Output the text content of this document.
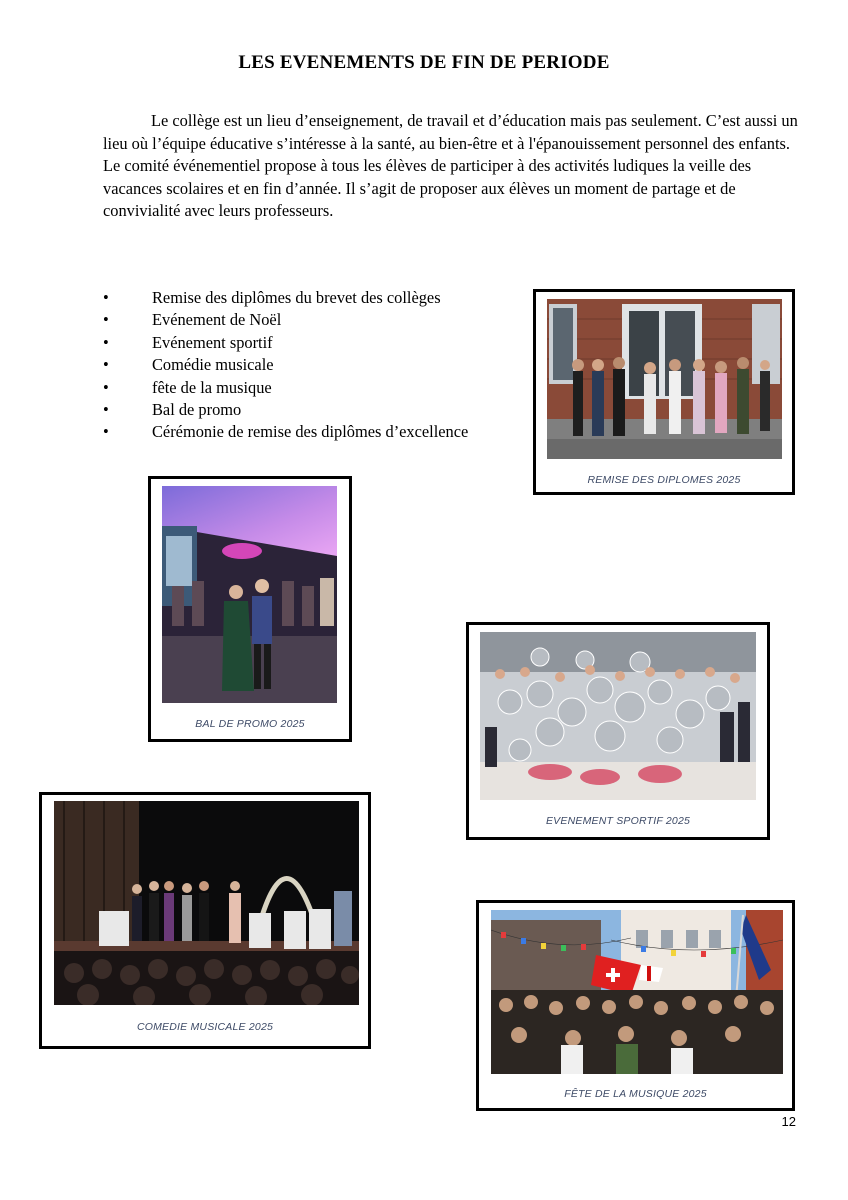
LES EVENEMENTS DE FIN DE PERIODE

Le collège est un lieu d’enseignement, de travail et d’éducation mais pas seulement. C’est aussi un lieu où l’équipe éducative s’intéresse à la santé, au bien-être et à l'épanouissement personnel des enfants.

Le comité événementiel propose à tous les élèves de participer à des activités ludiques la veille des vacances scolaires et en fin d’année. Il s’agit de proposer aux élèves un moment de partage et de convivialité avec leurs professeurs.

•	Remise des diplômes du brevet des collèges
•	Evénement de Noël
•	Evénement sportif
•	Comédie musicale
•	fête de la musique
•	Bal de promo
•	Cérémonie de remise des diplômes d’excellence
REMISE DES DIPLOMES 2025
BAL DE PROMO 2025
EVENEMENT SPORTIF 2025
COMEDIE MUSICALE 2025
FÊTE DE LA MUSIQUE 2025
12
